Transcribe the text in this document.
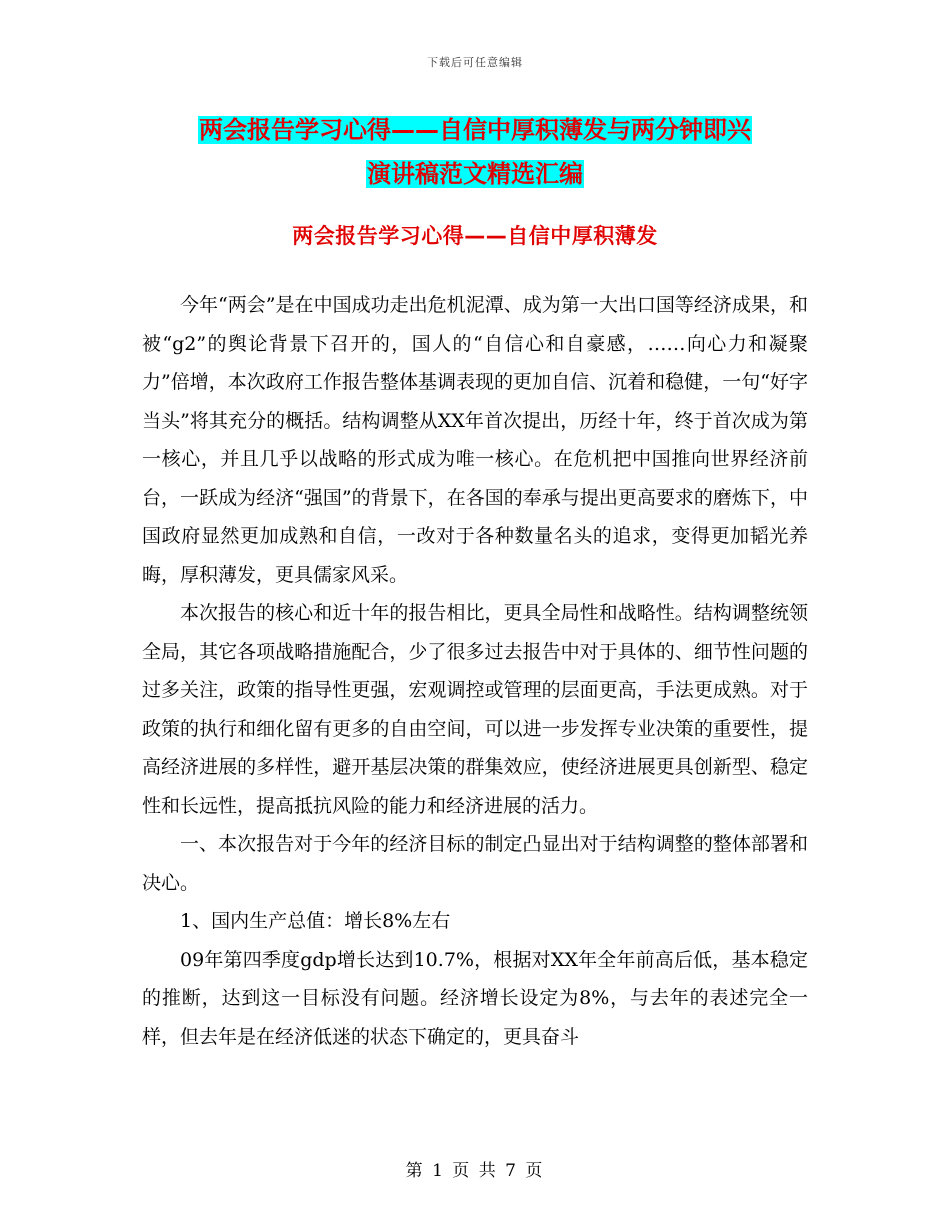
下载后可任意编辑
两会报告学习心得——自信中厚积薄发与两分钟即兴
演讲稿范文精选汇编
两会报告学习心得——自信中厚积薄发

今年“两会”是在中国成功走出危机泥潭、成为第一大出口国等经济成果，和被“g2”的舆论背景下召开的，国人的“自信心和自豪感，……向心力和凝聚力”倍增，本次政府工作报告整体基调表现的更加自信、沉着和稳健，一句“好字当头”将其充分的概括。结构调整从XX年首次提出，历经十年，终于首次成为第一核心，并且几乎以战略的形式成为唯一核心。在危机把中国推向世界经济前台，一跃成为经济“强国”的背景下，在各国的奉承与提出更高要求的磨炼下，中国政府显然更加成熟和自信，一改对于各种数量名头的追求，变得更加韬光养晦，厚积薄发，更具儒家风采。

本次报告的核心和近十年的报告相比，更具全局性和战略性。结构调整统领全局，其它各项战略措施配合，少了很多过去报告中对于具体的、细节性问题的过多关注，政策的指导性更强，宏观调控或管理的层面更高，手法更成熟。对于政策的执行和细化留有更多的自由空间，可以进一步发挥专业决策的重要性，提高经济进展的多样性，避开基层决策的群集效应，使经济进展更具创新型、稳定性和长远性，提高抵抗风险的能力和经济进展的活力。

一、本次报告对于今年的经济目标的制定凸显出对于结构调整的整体部署和决心。

1、国内生产总值：增长8%左右

09年第四季度gdp增长达到10.7%，根据对XX年全年前高后低，基本稳定的推断，达到这一目标没有问题。经济增长设定为8%，与去年的表述完全一样，但去年是在经济低迷的状态下确定的，更具奋斗

第 1 页 共 7 页
